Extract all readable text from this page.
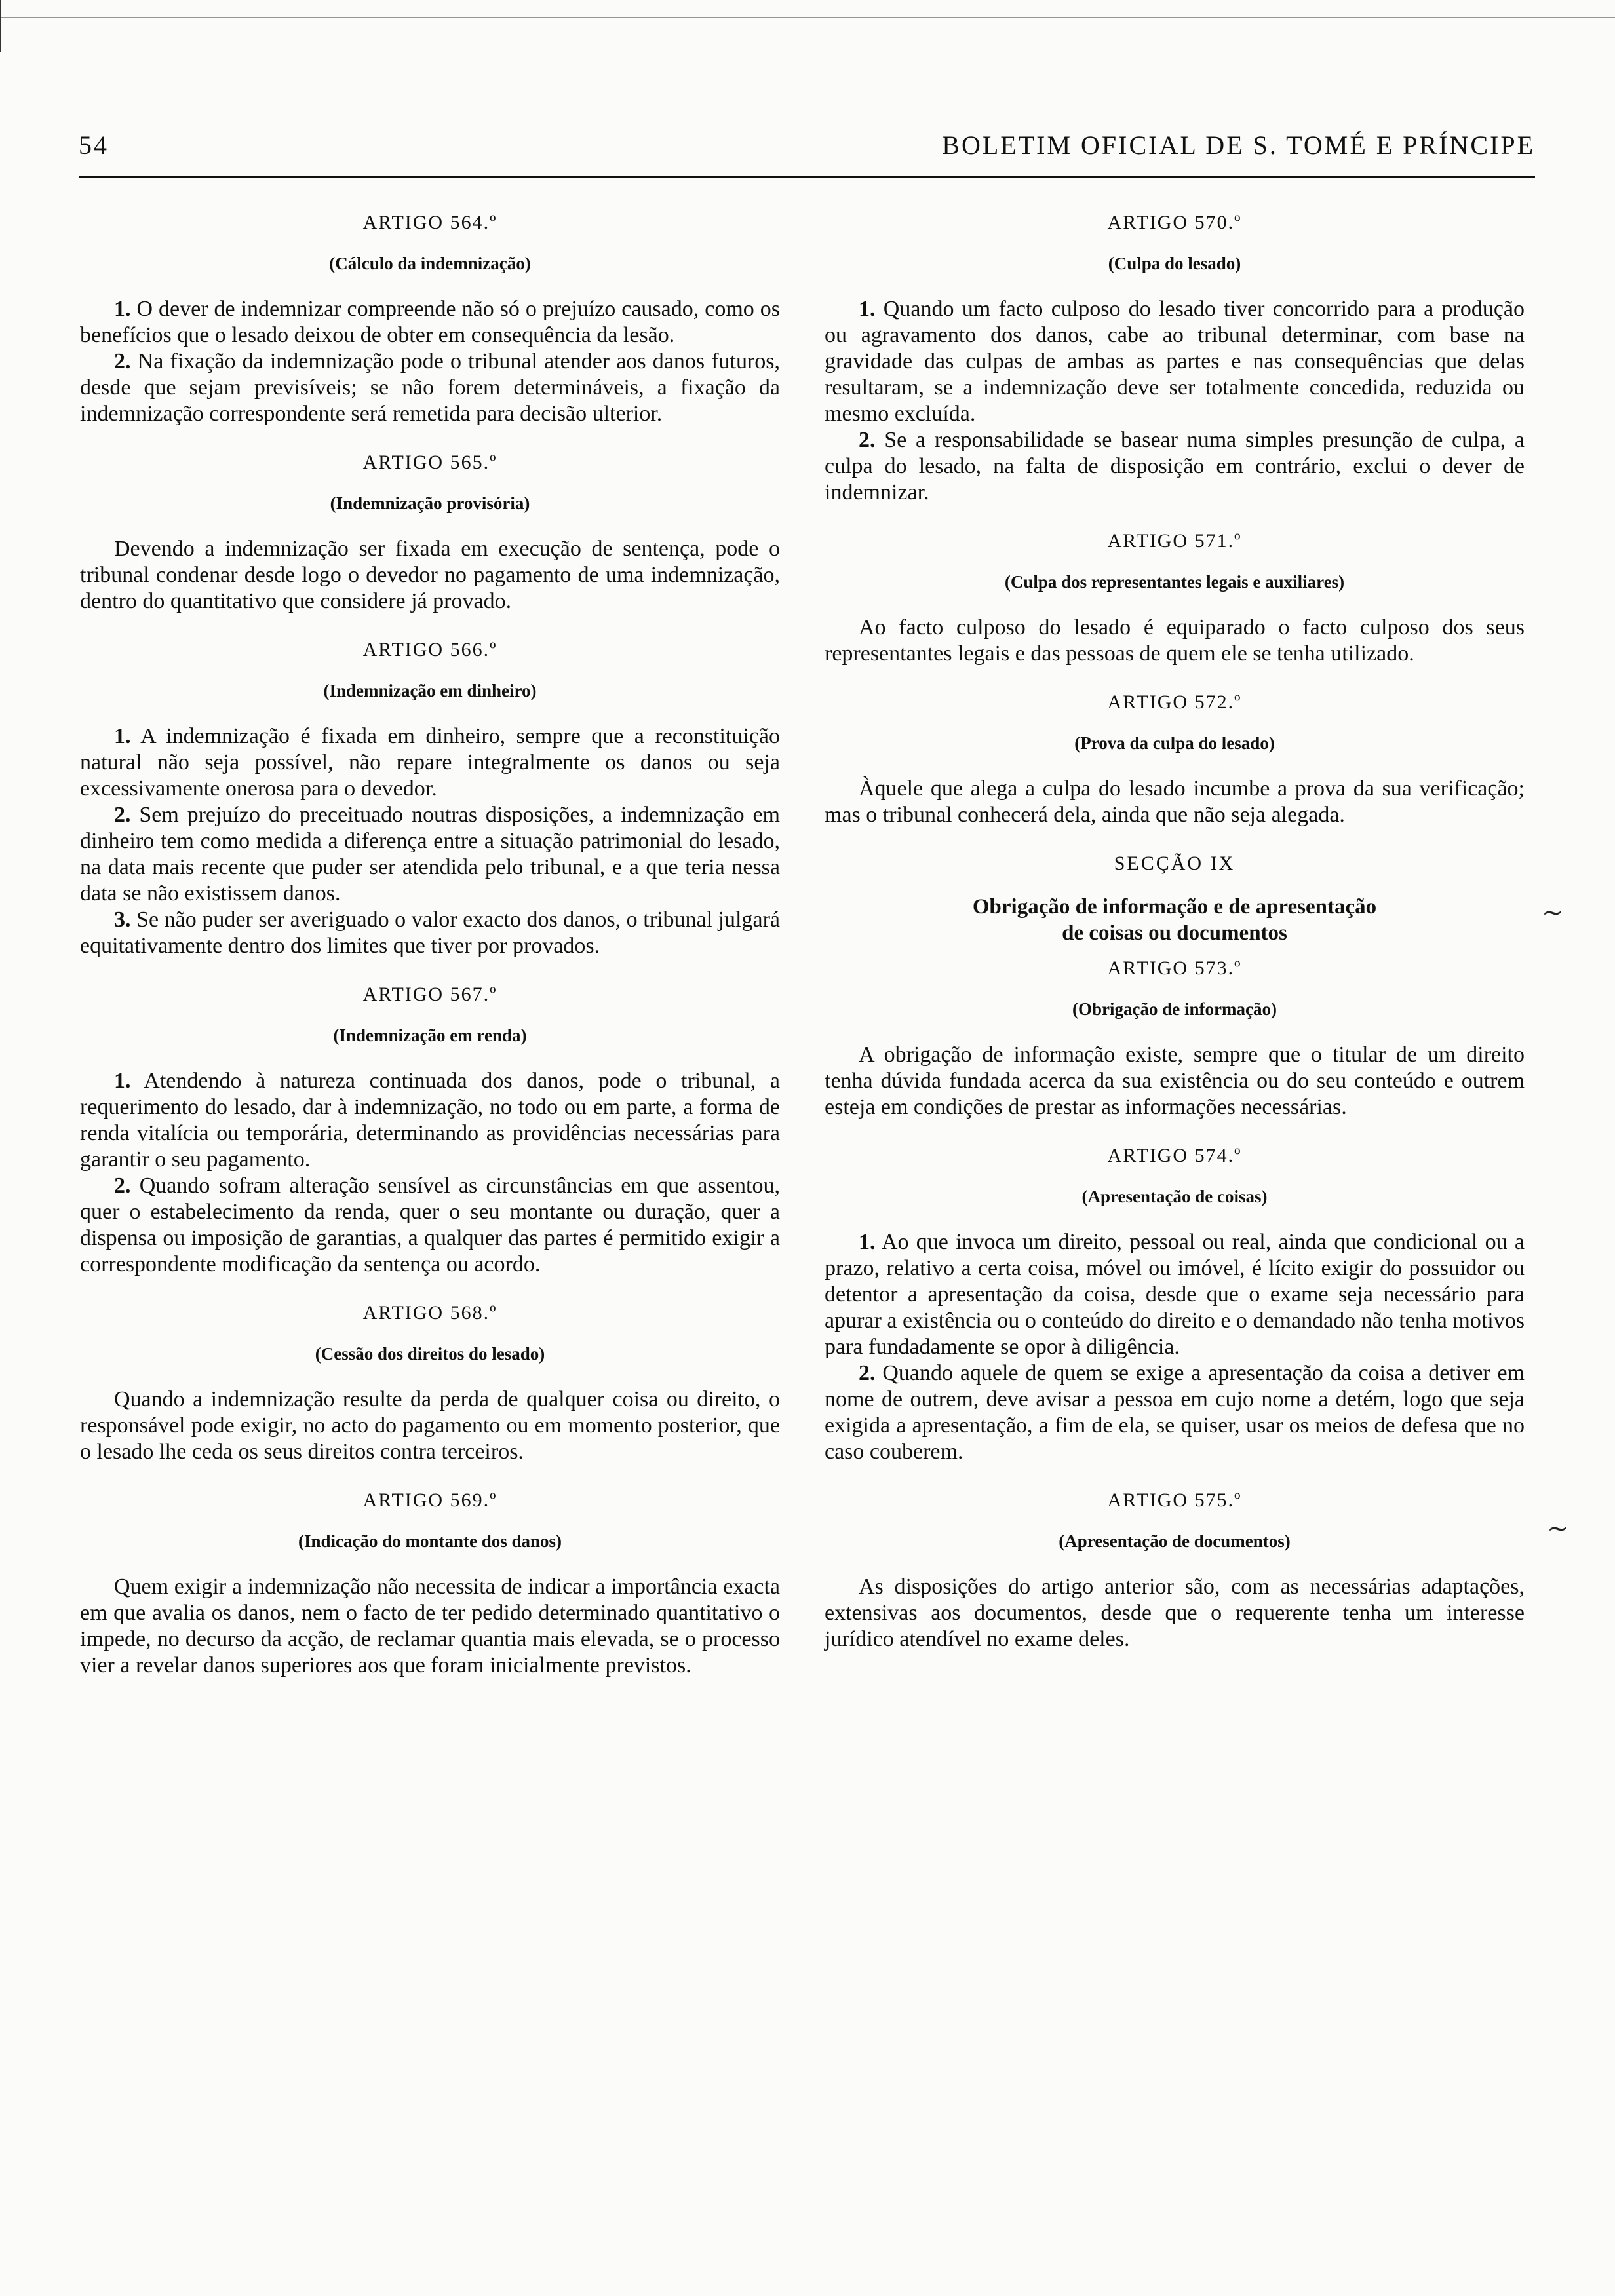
54	BOLETIM OFICIAL DE S. TOMÉ E PRÍNCIPE

ARTIGO 564.º

(Cálculo da indemnização)

1. O dever de indemnizar compreende não só o prejuízo causado, como os benefícios que o lesado deixou de obter em consequência da lesão.

2. Na fixação da indemnização pode o tribunal atender aos danos futuros, desde que sejam previsíveis; se não forem determináveis, a fixação da indemnização correspondente será remetida para decisão ulterior.

ARTIGO 565.º

(Indemnização provisória)

Devendo a indemnização ser fixada em execução de sentença, pode o tribunal condenar desde logo o devedor no pagamento de uma indemnização, dentro do quantitativo que considere já provado.

ARTIGO 566.º

(Indemnização em dinheiro)

1. A indemnização é fixada em dinheiro, sempre que a reconstituição natural não seja possível, não repare integralmente os danos ou seja excessivamente onerosa para o devedor.

2. Sem prejuízo do preceituado noutras disposições, a indemnização em dinheiro tem como medida a diferença entre a situação patrimonial do lesado, na data mais recente que puder ser atendida pelo tribunal, e a que teria nessa data se não existissem danos.

3. Se não puder ser averiguado o valor exacto dos danos, o tribunal julgará equitativamente dentro dos limites que tiver por provados.

ARTIGO 567.º

(Indemnização em renda)

1. Atendendo à natureza continuada dos danos, pode o tribunal, a requerimento do lesado, dar à indemnização, no todo ou em parte, a forma de renda vitalícia ou temporária, determinando as providências necessárias para garantir o seu pagamento.

2. Quando sofram alteração sensível as circunstâncias em que assentou, quer o estabelecimento da renda, quer o seu montante ou duração, quer a dispensa ou imposição de garantias, a qualquer das partes é permitido exigir a correspondente modificação da sentença ou acordo.

ARTIGO 568.º

(Cessão dos direitos do lesado)

Quando a indemnização resulte da perda de qualquer coisa ou direito, o responsável pode exigir, no acto do pagamento ou em momento posterior, que o lesado lhe ceda os seus direitos contra terceiros.

ARTIGO 569.º

(Indicação do montante dos danos)

Quem exigir a indemnização não necessita de indicar a importância exacta em que avalia os danos, nem o facto de ter pedido determinado quantitativo o impede, no decurso da acção, de reclamar quantia mais elevada, se o processo vier a revelar danos superiores aos que foram inicialmente previstos.

ARTIGO 570.º

(Culpa do lesado)

1. Quando um facto culposo do lesado tiver concorrido para a produção ou agravamento dos danos, cabe ao tribunal determinar, com base na gravidade das culpas de ambas as partes e nas consequências que delas resultaram, se a indemnização deve ser totalmente concedida, reduzida ou mesmo excluída.

2. Se a responsabilidade se basear numa simples presunção de culpa, a culpa do lesado, na falta de disposição em contrário, exclui o dever de indemnizar.

ARTIGO 571.º

(Culpa dos representantes legais e auxiliares)

Ao facto culposo do lesado é equiparado o facto culposo dos seus representantes legais e das pessoas de quem ele se tenha utilizado.

ARTIGO 572.º

(Prova da culpa do lesado)

Àquele que alega a culpa do lesado incumbe a prova da sua verificação; mas o tribunal conhecerá dela, ainda que não seja alegada.

SECÇÃO IX

Obrigação de informação e de apresentação
de coisas ou documentos

ARTIGO 573.º

(Obrigação de informação)

A obrigação de informação existe, sempre que o titular de um direito tenha dúvida fundada acerca da sua existência ou do seu conteúdo e outrem esteja em condições de prestar as informações necessárias.

ARTIGO 574.º

(Apresentação de coisas)

1. Ao que invoca um direito, pessoal ou real, ainda que condicional ou a prazo, relativo a certa coisa, móvel ou imóvel, é lícito exigir do possuidor ou detentor a apresentação da coisa, desde que o exame seja necessário para apurar a existência ou o conteúdo do direito e o demandado não tenha motivos para fundadamente se opor à diligência.

2. Quando aquele de quem se exige a apresentação da coisa a detiver em nome de outrem, deve avisar a pessoa em cujo nome a detém, logo que seja exigida a apresentação, a fim de ela, se quiser, usar os meios de defesa que no caso couberem.

ARTIGO 575.º

(Apresentação de documentos)

As disposições do artigo anterior são, com as necessárias adaptações, extensivas aos documentos, desde que o requerente tenha um interesse jurídico atendível no exame deles.

∼
∼
